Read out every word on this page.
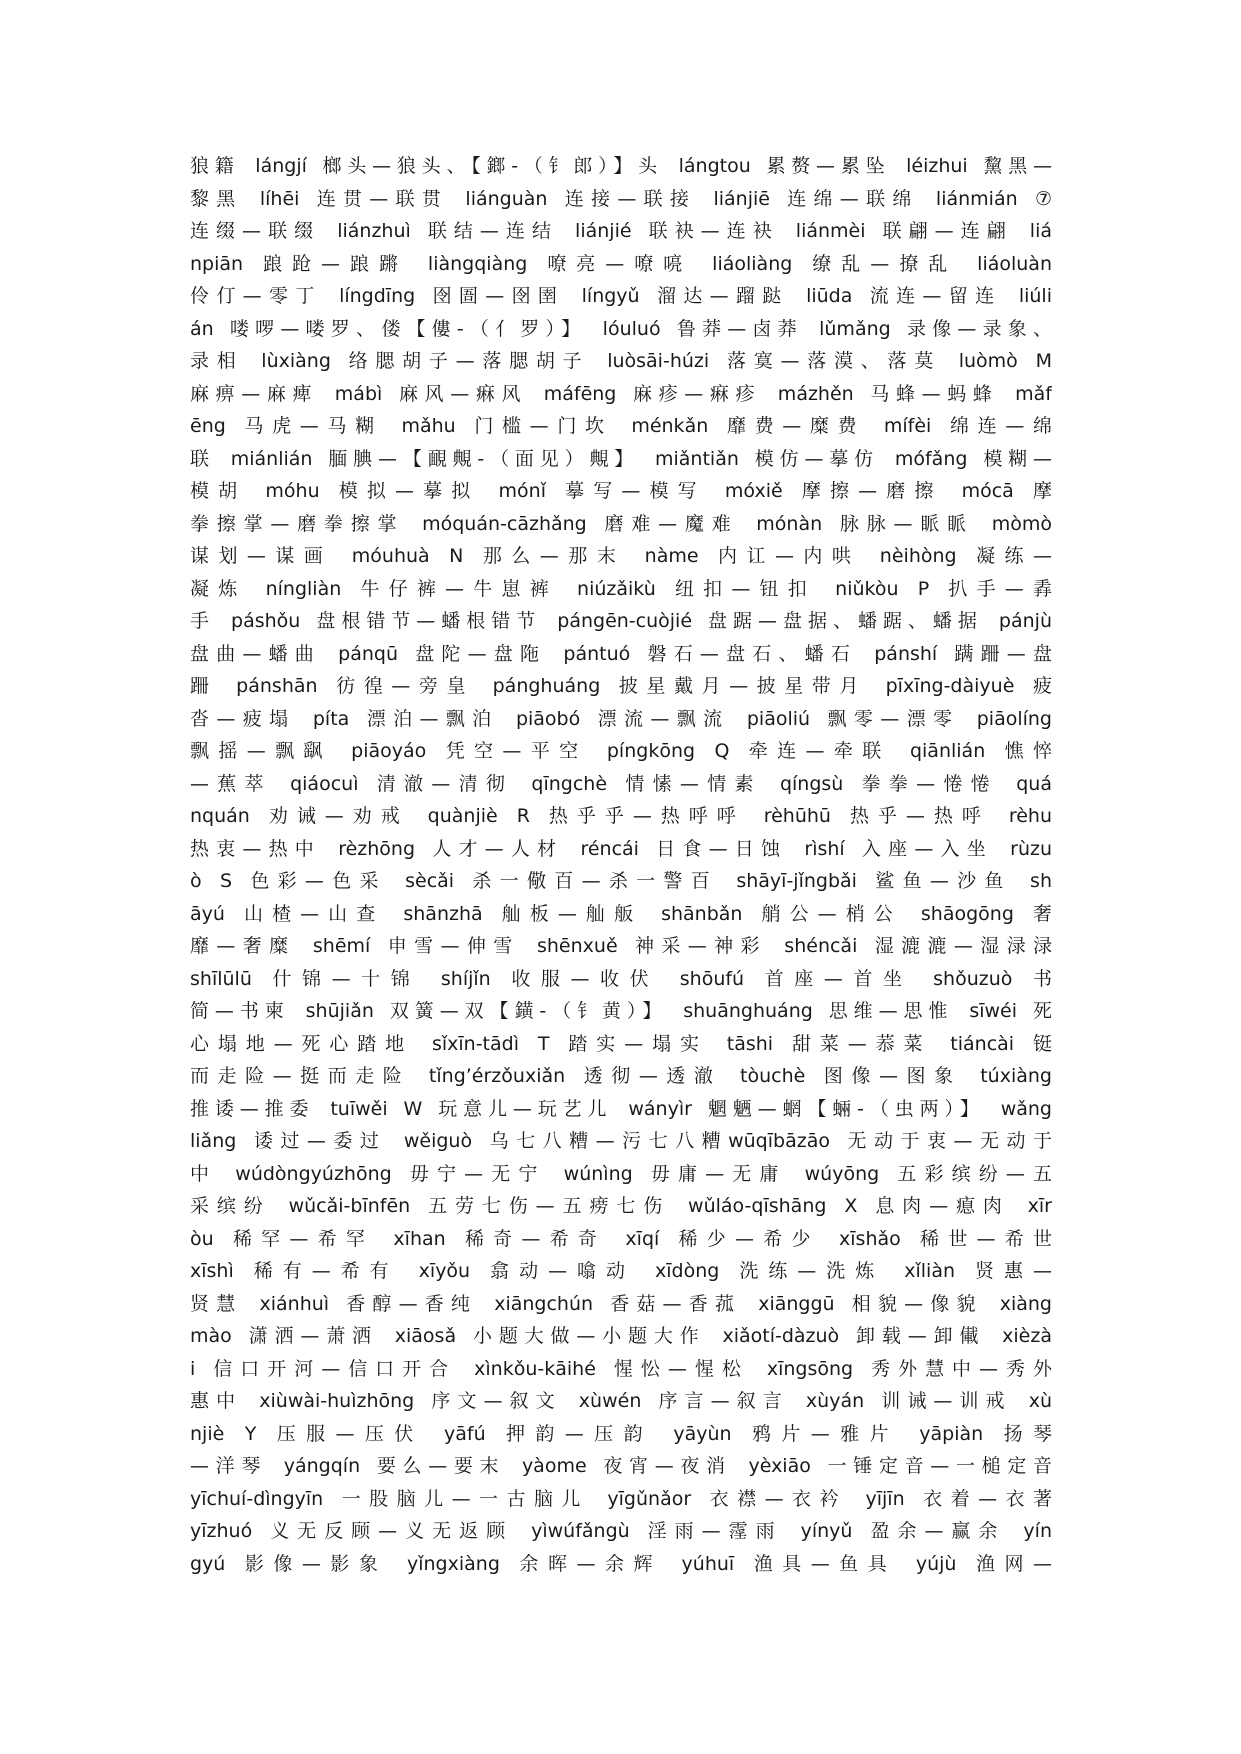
狼籍 lángjí 榔头—狼头、【鎯-（钅郎）】头 lángtou 累赘—累坠 léizhui 黧黑—
黎黑 líhēi 连贯—联贯 liánguàn 连接—联接 liánjiē 连绵—联绵 liánmián ⑦
连缀—联缀 liánzhuì 联结—连结 liánjié 联袂—连袂 liánmèi 联翩—连翩 liá
npiān 踉跄—踉蹡 liàngqiàng 嘹亮—嘹喨 liáoliàng 缭乱—撩乱 liáoluàn
伶仃—零丁 língdīng 囹圄—囹圉 língyǔ 溜达—蹓跶 liūda 流连—留连 liúli
án 喽啰—喽罗、偻【僂-（亻罗）】 lóuluó 鲁莽—卤莽 lǔmǎng 录像—录象、
录相 lùxiàng 络腮胡子—落腮胡子 luòsāi-húzi 落寞—落漠、落莫 luòmò M
麻痹—麻痺 mábì 麻风—痳风 máfēng 麻疹—痳疹 mázhěn 马蜂—蚂蜂 mǎf
ēng 马虎—马糊 mǎhu 门槛—门坎 ménkǎn 靡费—糜费 mífèi 绵连—绵
联 miánlián 腼腆—【靦覥-（面见）覥】 miǎntiǎn 模仿—摹仿 mófǎng 模糊—
模胡 móhu 模拟—摹拟 mónǐ 摹写—模写 móxiě 摩擦—磨擦 mócā 摩
拳擦掌—磨拳擦掌 móquán-cāzhǎng 磨难—魔难 mónàn 脉脉—眽眽 mòmò
谋划—谋画 móuhuà N 那么—那末 nàme 内讧—内哄 nèihòng 凝练—
凝炼 níngliàn 牛仔裤—牛崽裤 niúzǎikù 纽扣—钮扣 niǔkòu P 扒手—掱
手 páshǒu 盘根错节—蟠根错节 pángēn-cuòjié 盘踞—盘据、蟠踞、蟠据 pánjù
盘曲—蟠曲 pánqū 盘陀—盘陁 pántuó 磐石—盘石、蟠石 pánshí 蹒跚—盘
跚 pánshān 彷徨—旁皇 pánghuáng 披星戴月—披星带月 pīxīng-dàiyuè 疲
沓—疲塌 píta 漂泊—飘泊 piāobó 漂流—飘流 piāoliú 飘零—漂零 piāolíng
飘摇—飘飖 piāoyáo 凭空—平空 píngkōng Q 牵连—牵联 qiānlián 憔悴
—蕉萃 qiáocuì 清澈—清彻 qīngchè 情愫—情素 qíngsù 拳拳—惓惓 quá
nquán 劝诫—劝戒 quànjiè R 热乎乎—热呼呼 rèhūhū 热乎—热呼 rèhu
热衷—热中 rèzhōng 人才—人材 réncái 日食—日蚀 rìshí 入座—入坐 rùzu
ò S 色彩—色采 sècǎi 杀一儆百—杀一警百 shāyī-jǐngbǎi 鲨鱼—沙鱼 sh
āyú 山楂—山查 shānzhā 舢板—舢舨 shānbǎn 艄公—梢公 shāogōng 奢
靡—奢糜 shēmí 申雪—伸雪 shēnxuě 神采—神彩 shéncǎi 湿漉漉—湿渌渌
shīlūlū 什锦—十锦 shíjǐn 收服—收伏 shōufú 首座—首坐 shǒuzuò 书
简—书柬 shūjiǎn 双簧—双【鐄-（钅黄）】 shuānghuáng 思维—思惟 sīwéi 死
心塌地—死心踏地 sǐxīn-tādì T 踏实—塌实 tāshi 甜菜—菾菜 tiáncài 铤
而走险—挺而走险 tǐng’érzǒuxiǎn 透彻—透澈 tòuchè 图像—图象 túxiàng
推诿—推委 tuīwěi W 玩意儿—玩艺儿 wányìr 魍魉—蝄【蜽-（虫两）】 wǎng
liǎng 诿过—委过 wěiguò 乌七八糟—污七八糟wūqībāzāo 无动于衷—无动于
中 wúdòngyúzhōng 毋宁—无宁 wúnìng 毋庸—无庸 wúyōng 五彩缤纷—五
采缤纷 wǔcǎi-bīnfēn 五劳七伤—五痨七伤 wǔláo-qīshāng X 息肉—瘜肉 xīr
òu 稀罕—希罕 xīhan 稀奇—希奇 xīqí 稀少—希少 xīshǎo 稀世—希世
xīshì 稀有—希有 xīyǒu 翕动—噏动 xīdòng 洗练—洗炼 xǐliàn 贤惠—
贤慧 xiánhuì 香醇—香纯 xiāngchún 香菇—香菰 xiānggū 相貌—像貌 xiàng
mào 潇洒—萧洒 xiāosǎ 小题大做—小题大作 xiǎotí-dàzuò 卸载—卸儎 xièzà
i 信口开河—信口开合 xìnkǒu-kāihé 惺忪—惺松 xīngsōng 秀外慧中—秀外
惠中 xiùwài-huìzhōng 序文—叙文 xùwén 序言—叙言 xùyán 训诫—训戒 xù
njiè Y 压服—压伏 yāfú 押韵—压韵 yāyùn 鸦片—雅片 yāpiàn 扬琴
—洋琴 yángqín 要么—要末 yàome 夜宵—夜消 yèxiāo 一锤定音—一槌定音
yīchuí-dìngyīn 一股脑儿—一古脑儿 yīgǔnǎor 衣襟—衣衿 yījīn 衣着—衣著
yīzhuó 义无反顾—义无返顾 yìwúfǎngù 淫雨—霪雨 yínyǔ 盈余—赢余 yín
gyú 影像—影象 yǐngxiàng 余晖—余辉 yúhuī 渔具—鱼具 yújù 渔网—
